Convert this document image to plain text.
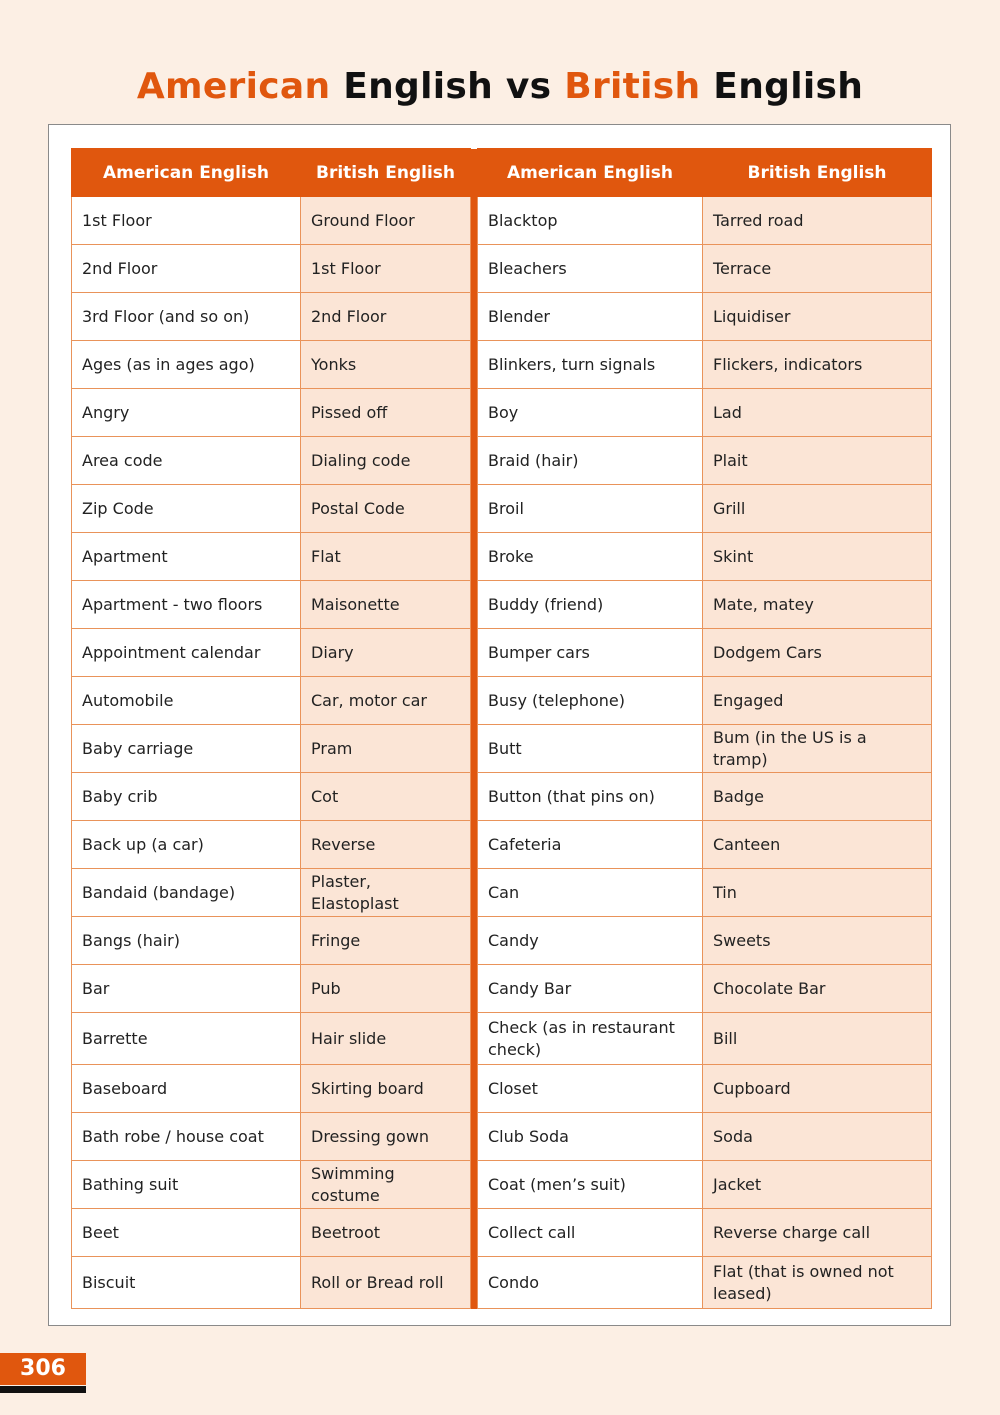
American English vs British English
American English	British English		American English	British English
1st Floor	Ground Floor		Blacktop	Tarred road
2nd Floor	1st Floor		Bleachers	Terrace
3rd Floor (and so on)	2nd Floor		Blender	Liquidiser
Ages (as in ages ago)	Yonks		Blinkers, turn signals	Flickers, indicators
Angry	Pissed off		Boy	Lad
Area code	Dialing code		Braid (hair)	Plait
Zip Code	Postal Code		Broil	Grill
Apartment	Flat		Broke	Skint
Apartment - two floors	Maisonette		Buddy (friend)	Mate, matey
Appointment calendar	Diary		Bumper cars	Dodgem Cars
Automobile	Car, motor car		Busy (telephone)	Engaged
Baby carriage	Pram		Butt	Bum (in the US is a tramp)
Baby crib	Cot		Button (that pins on)	Badge
Back up (a car)	Reverse		Cafeteria	Canteen
Bandaid (bandage)	Plaster, Elastoplast		Can	Tin
Bangs (hair)	Fringe		Candy	Sweets
Bar	Pub		Candy Bar	Chocolate Bar
Barrette	Hair slide		Check (as in restaurant check)	Bill
Baseboard	Skirting board		Closet	Cupboard
Bath robe / house coat	Dressing gown		Club Soda	Soda
Bathing suit	Swimming costume		Coat (men’s suit)	Jacket
Beet	Beetroot		Collect call	Reverse charge call
Biscuit	Roll or Bread roll		Condo	Flat (that is owned not leased)
306
